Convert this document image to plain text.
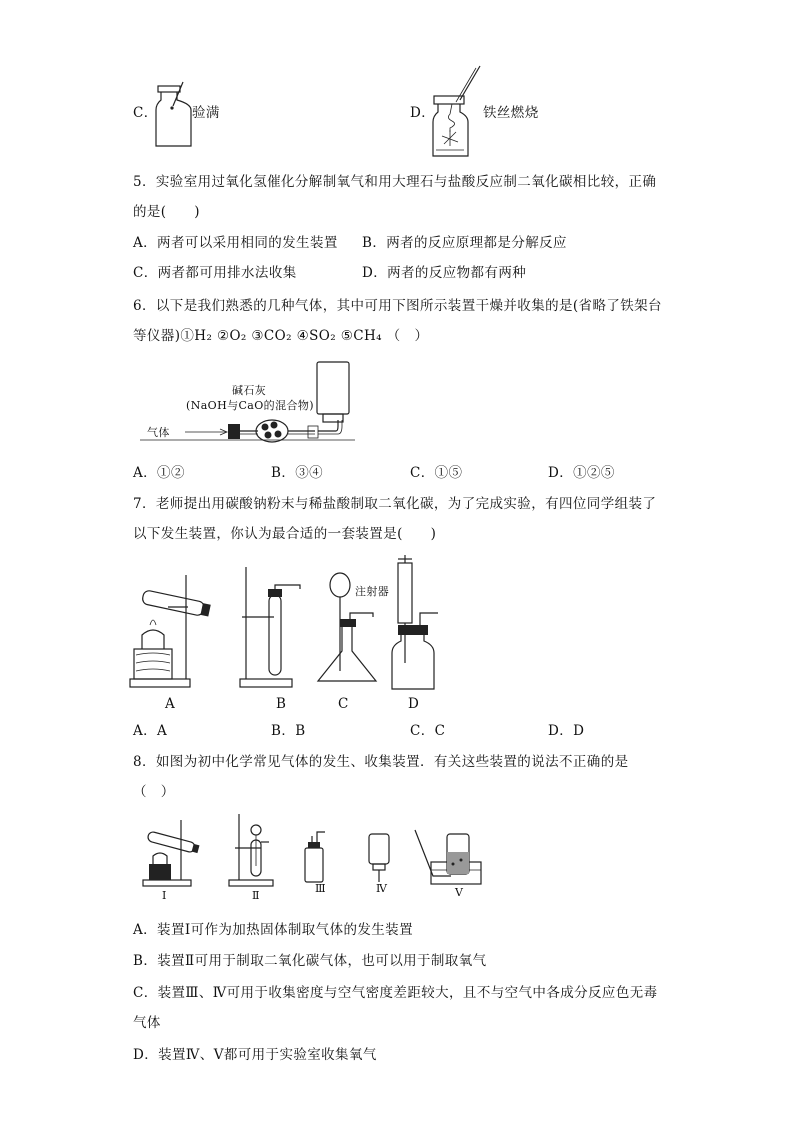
C．	验满	D．	铁丝燃烧
5．实验室用过氧化氢催化分解制氧气和用大理石与盐酸反应制二氧化碳相比较，正确
的是(　　)
A．两者可以采用相同的发生装置 B．两者的反应原理都是分解反应
C．两者都可用排水法收集	D．两者的反应物都有两种
6．以下是我们熟悉的几种气体，其中可用下图所示装置干燥并收集的是(省略了铁架台
等仪器)①H₂ ②O₂ ③CO₂ ④SO₂ ⑤CH₄ （　）
碱石灰
(NaOH与CaO的混合物)
气体
A．①②	B．③④	C．①⑤	D．①②⑤
7．老师提出用碳酸钠粉末与稀盐酸制取二氧化碳，为了完成实验，有四位同学组装了
以下发生装置，你认为最合适的一套装置是(　　)
注射器
A	B	C	D
A．A	B．B	C．C	D．D
8．如图为初中化学常见气体的发生、收集装置．有关这些装置的说法不正确的是
（　）
Ⅰ	Ⅱ
Ⅲ	Ⅳ	Ⅴ
A．装置Ⅰ可作为加热固体制取气体的发生装置
B．装置Ⅱ可用于制取二氧化碳气体，也可以用于制取氧气
C．装置Ⅲ、Ⅳ可用于收集密度与空气密度差距较大，且不与空气中各成分反应色无毒
气体
D．装置Ⅳ、Ⅴ都可用于实验室收集氧气
